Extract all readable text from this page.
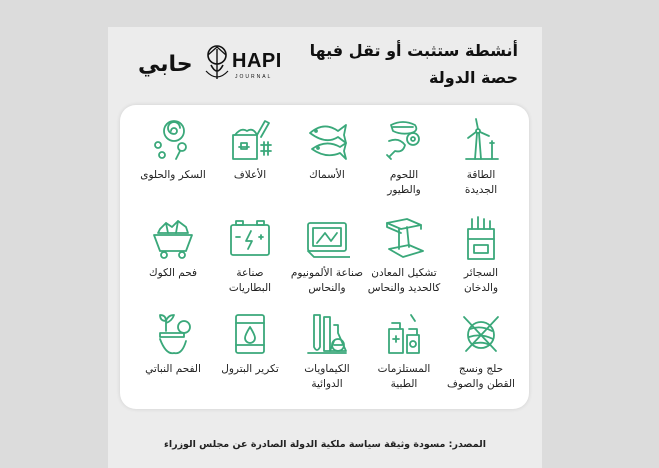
أنشطة ستثبت أو تقل فيها
حصة الدولة
حابي HAPI
JOURNAL
الطاقة
الجديدة
اللحوم
والطيور
الأسماك
الأعلاف
السكر والحلوى
السجائر
والدخان
تشكيل المعادن
كالحديد والنحاس
صناعة الألمونيوم
والنحاس
صناعة
البطاريات
فحم الكوك
حلج ونسج
القطن والصوف
المستلزمات
الطبية
الكيماويات
الدوائية
تكرير البترول
الفحم النباتي
المصدر: مسودة وثيقة سياسة ملكية الدولة الصادرة عن مجلس الوزراء
